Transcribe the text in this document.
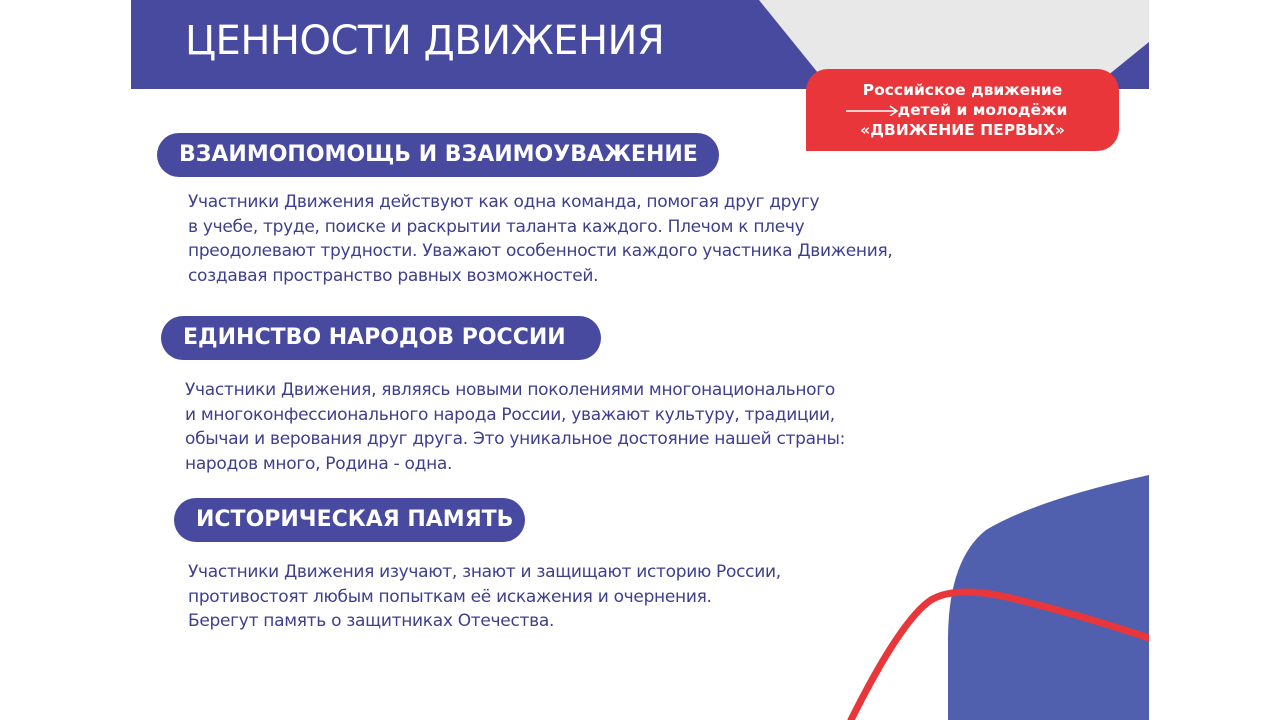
ЦЕННОСТИ ДВИЖЕНИЯ
Российское движение
детей и молодёжи
«ДВИЖЕНИЕ ПЕРВЫХ»
ВЗАИМОПОМОЩЬ И ВЗАИМОУВАЖЕНИЕ
Участники Движения действуют как одна команда, помогая друг другу
в учебе, труде, поиске и раскрытии таланта каждого. Плечом к плечу
преодолевают трудности. Уважают особенности каждого участника Движения,
создавая пространство равных возможностей.
ЕДИНСТВО НАРОДОВ РОССИИ
Участники Движения, являясь новыми поколениями многонационального
и многоконфессионального народа России, уважают культуру, традиции,
обычаи и верования друг друга. Это уникальное достояние нашей страны:
народов много, Родина - одна.
ИСТОРИЧЕСКАЯ ПАМЯТЬ
Участники Движения изучают, знают и защищают историю России,
противостоят любым попыткам её искажения и очернения.
Берегут память о защитниках Отечества.
